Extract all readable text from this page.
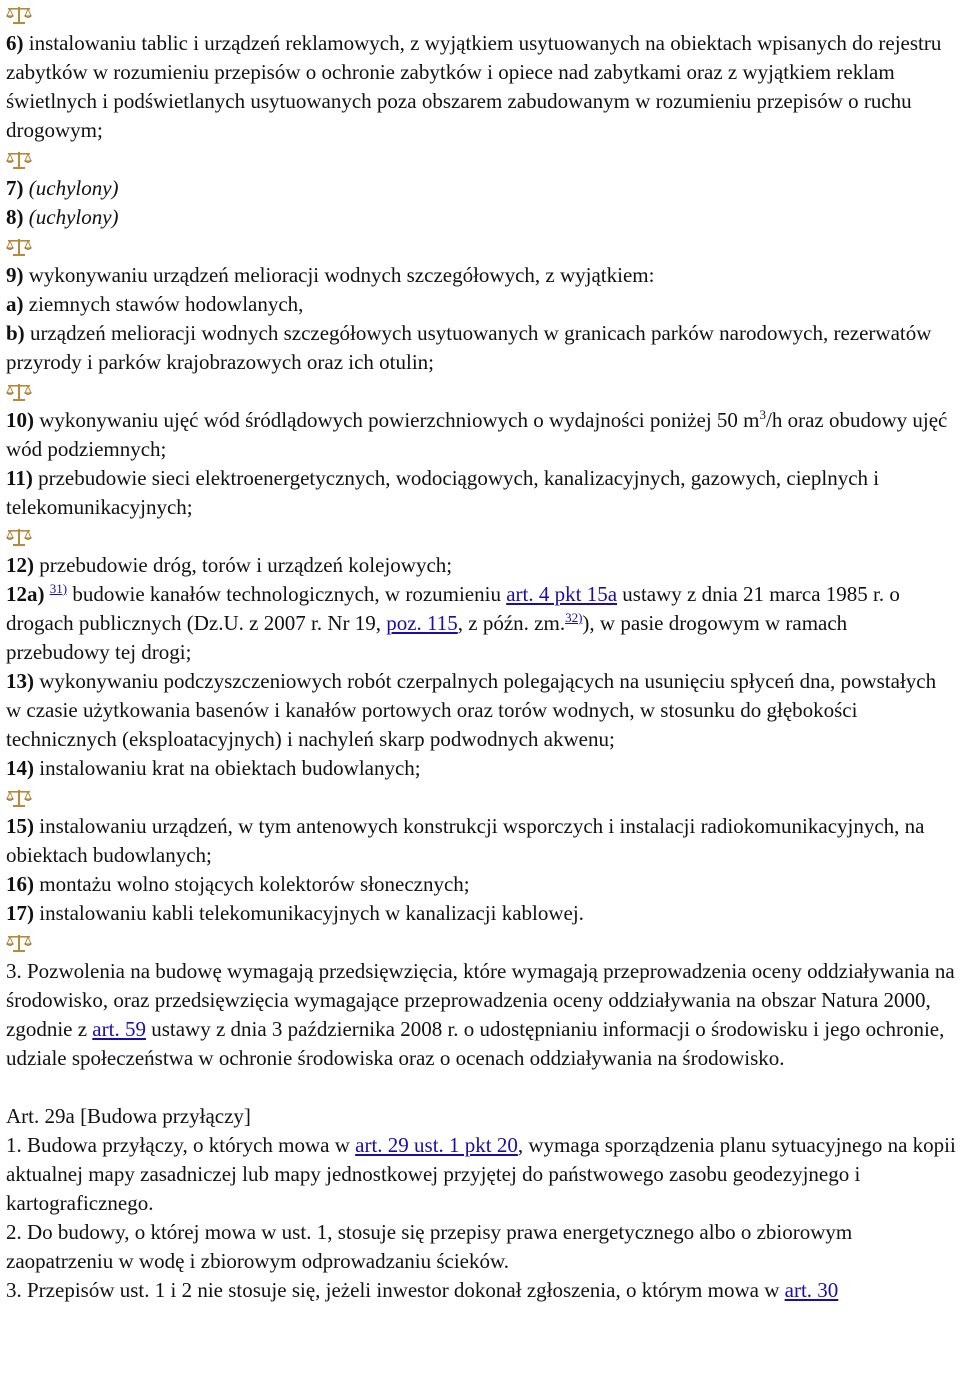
6) instalowaniu tablic i urządzeń reklamowych, z wyjątkiem usytuowanych na obiektach wpisanych do rejestru zabytków w rozumieniu przepisów o ochronie zabytków i opiece nad zabytkami oraz z wyjątkiem reklam świetlnych i podświetlanych usytuowanych poza obszarem zabudowanym w rozumieniu przepisów o ruchu drogowym;

7) (uchylony)

8) (uchylony)

9) wykonywaniu urządzeń melioracji wodnych szczegółowych, z wyjątkiem:

a) ziemnych stawów hodowlanych,

b) urządzeń melioracji wodnych szczegółowych usytuowanych w granicach parków narodowych, rezerwatów przyrody i parków krajobrazowych oraz ich otulin;

10) wykonywaniu ujęć wód śródlądowych powierzchniowych o wydajności poniżej 50 $m^3/h$ oraz obudowy ujęć wód podziemnych;

11) przebudowie sieci elektroenergetycznych, wodociągowych, kanalizacyjnych, gazowych, cieplnych i telekomunikacyjnych;

12) przebudowie dróg, torów i urządzeń kolejowych;

12a) $^{31)}$ budowie kanałów technologicznych, w rozumieniu art. 4 pkt 15a ustawy z dnia 21 marca 1985 r. o drogach publicznych (Dz.U. z 2007 r. Nr 19, poz. 115, z późn. zm.$^{32)}$), w pasie drogowym w ramach przebudowy tej drogi;

13) wykonywaniu podczyszczeniowych robót czerpalnych polegających na usunięciu spłyceń dna, powstałych w czasie użytkowania basenów i kanałów portowych oraz torów wodnych, w stosunku do głębokości technicznych (eksploatacyjnych) i nachyleń skarp podwodnych akwenu;

14) instalowaniu krat na obiektach budowlanych;

15) instalowaniu urządzeń, w tym antenowych konstrukcji wsporczych i instalacji radiokomunikacyjnych, na obiektach budowlanych;

16) montażu wolno stojących kolektorów słonecznych;

17) instalowaniu kabli telekomunikacyjnych w kanalizacji kablowej.

3. Pozwolenia na budowę wymagają przedsięwzięcia, które wymagają przeprowadzenia oceny oddziaływania na środowisko, oraz przedsięwzięcia wymagające przeprowadzenia oceny oddziaływania na obszar Natura 2000, zgodnie z art. 59 ustawy z dnia 3 października 2008 r. o udostępnianiu informacji o środowisku i jego ochronie, udziale społeczeństwa w ochronie środowiska oraz o ocenach oddziaływania na środowisko.

Art. 29a [Budowa przyłączy]

1. Budowa przyłączy, o których mowa w art. 29 ust. 1 pkt 20, wymaga sporządzenia planu sytuacyjnego na kopii aktualnej mapy zasadniczej lub mapy jednostkowej przyjętej do państwowego zasobu geodezyjnego i kartograficznego.

2. Do budowy, o której mowa w ust. 1, stosuje się przepisy prawa energetycznego albo o zbiorowym zaopatrzeniu w wodę i zbiorowym odprowadzaniu ścieków.

3. Przepisów ust. 1 i 2 nie stosuje się, jeżeli inwestor dokonał zgłoszenia, o którym mowa w art. 30
